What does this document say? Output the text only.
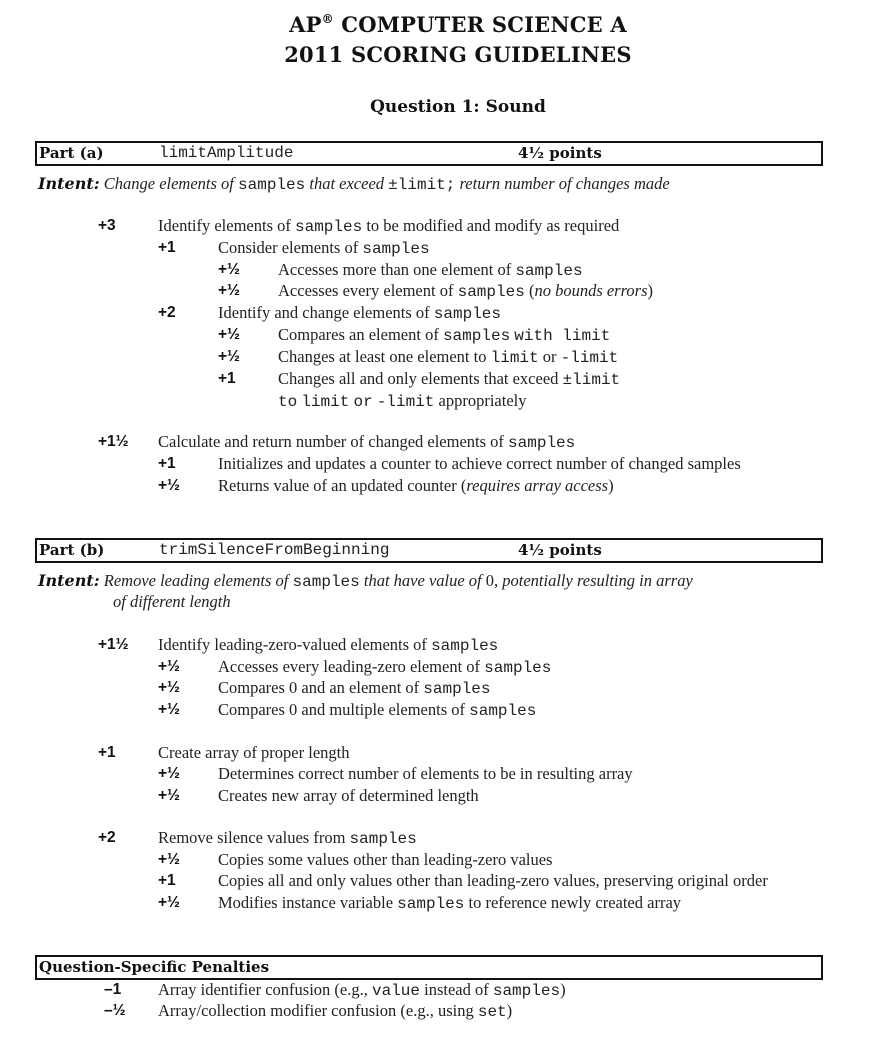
AP® COMPUTER SCIENCE A
2011 SCORING GUIDELINES
Question 1: Sound
Part (a)	limitAmplitude	4½ points
Intent: Change elements of samples that exceed ±limit; return number of changes made
+3	Identify elements of samples to be modified and modify as required
+1	Consider elements of samples
+½ Accesses more than one element of samples
+½ Accesses every element of samples (no bounds errors)
+2	Identify and change elements of samples
+½ Compares an element of samples with limit
+½ Changes at least one element to limit or -limit
+1	Changes all and only elements that exceed ±limit
to limit or -limit appropriately
+1½ Calculate and return number of changed elements of samples
+1	Initializes and updates a counter to achieve correct number of changed samples
+½ Returns value of an updated counter (requires array access)
Part (b)	trimSilenceFromBeginning	4½ points
Intent: Remove leading elements of samples that have value of 0, potentially resulting in array
of different length
+1½ Identify leading-zero-valued elements of samples
+½ Accesses every leading-zero element of samples
+½ Compares 0 and an element of samples
+½ Compares 0 and multiple elements of samples
+1	Create array of proper length
+½ Determines correct number of elements to be in resulting array
+½ Creates new array of determined length
+2	Remove silence values from samples
+½ Copies some values other than leading-zero values
+1	Copies all and only values other than leading-zero values, preserving original order
+½ Modifies instance variable samples to reference newly created array
Question-Specific Penalties
–1 Array identifier confusion (e.g., value instead of samples)
–½ Array/collection modifier confusion (e.g., using set)
